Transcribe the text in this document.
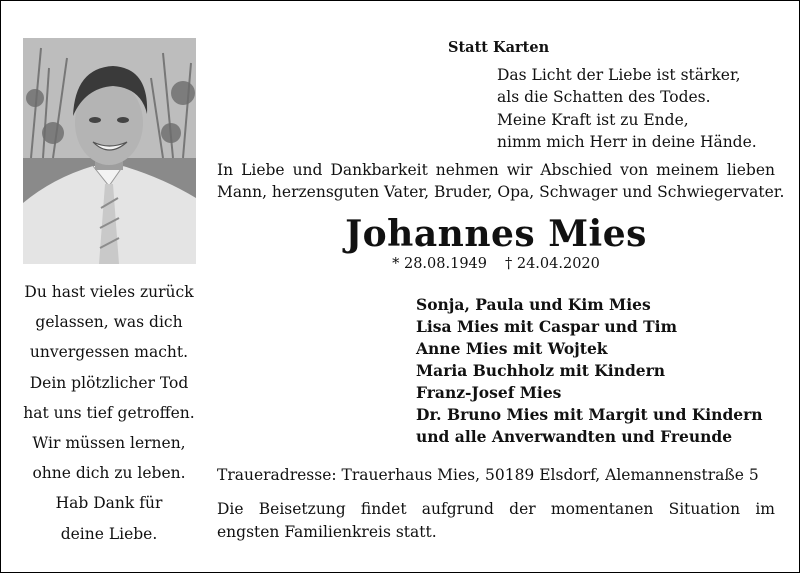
Du hast vieles zurück
gelassen, was dich
unvergessen macht.
Dein plötzlicher Tod
hat uns tief getroffen.
Wir müssen lernen,
ohne dich zu leben.
Hab Dank für
deine Liebe.
Statt Karten
Das Licht der Liebe ist stärker,
als die Schatten des Todes.
Meine Kraft ist zu Ende,
nimm mich Herr in deine Hände.
In Liebe und Dankbarkeit nehmen wir Abschied von meinem lieben
Mann, herzensguten Vater, Bruder, Opa, Schwager und Schwiegervater.
Johannes Mies
* 28.08.1949 † 24.04.2020
Sonja, Paula und Kim Mies
Lisa Mies mit Caspar und Tim
Anne Mies mit Wojtek
Maria Buchholz mit Kindern
Franz-Josef Mies
Dr. Bruno Mies mit Margit und Kindern
und alle Anverwandten und Freunde
Traueradresse: Trauerhaus Mies, 50189 Elsdorf, Alemannenstraße 5
Die Beisetzung findet aufgrund der momentanen Situation im
engsten Familienkreis statt.
